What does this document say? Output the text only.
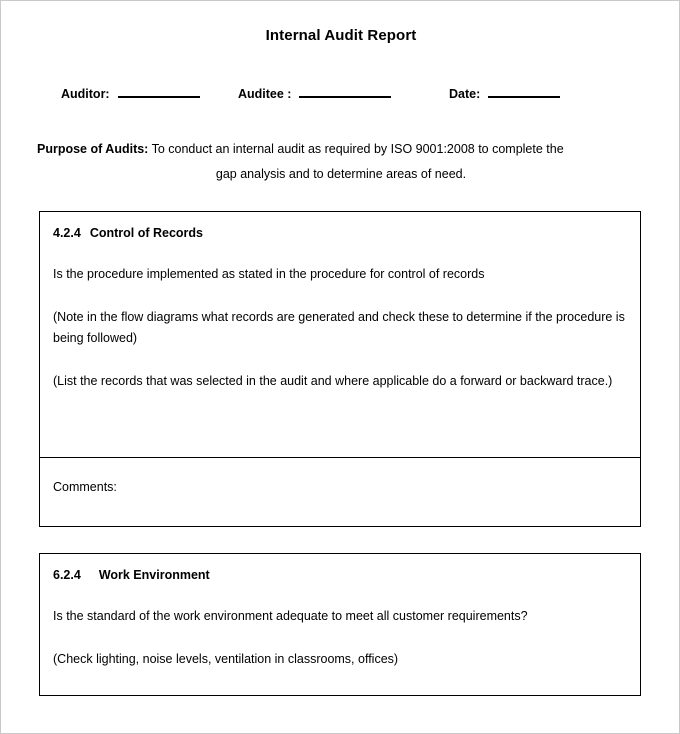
Internal Audit Report
Auditor:	Auditee :	Date:
Purpose of Audits: To conduct an internal audit as required by ISO 9001:2008 to complete the
gap analysis and to determine areas of need.
4.2.4 Control of Records
Is the procedure implemented as stated in the procedure for control of records
(Note in the flow diagrams what records are generated and check these to determine if the procedure is being followed)
(List the records that was selected in the audit and where applicable do a forward or backward trace.)
Comments:
6.2.4 Work Environment
Is the standard of the work environment adequate to meet all customer requirements?
(Check lighting, noise levels, ventilation in classrooms, offices)
